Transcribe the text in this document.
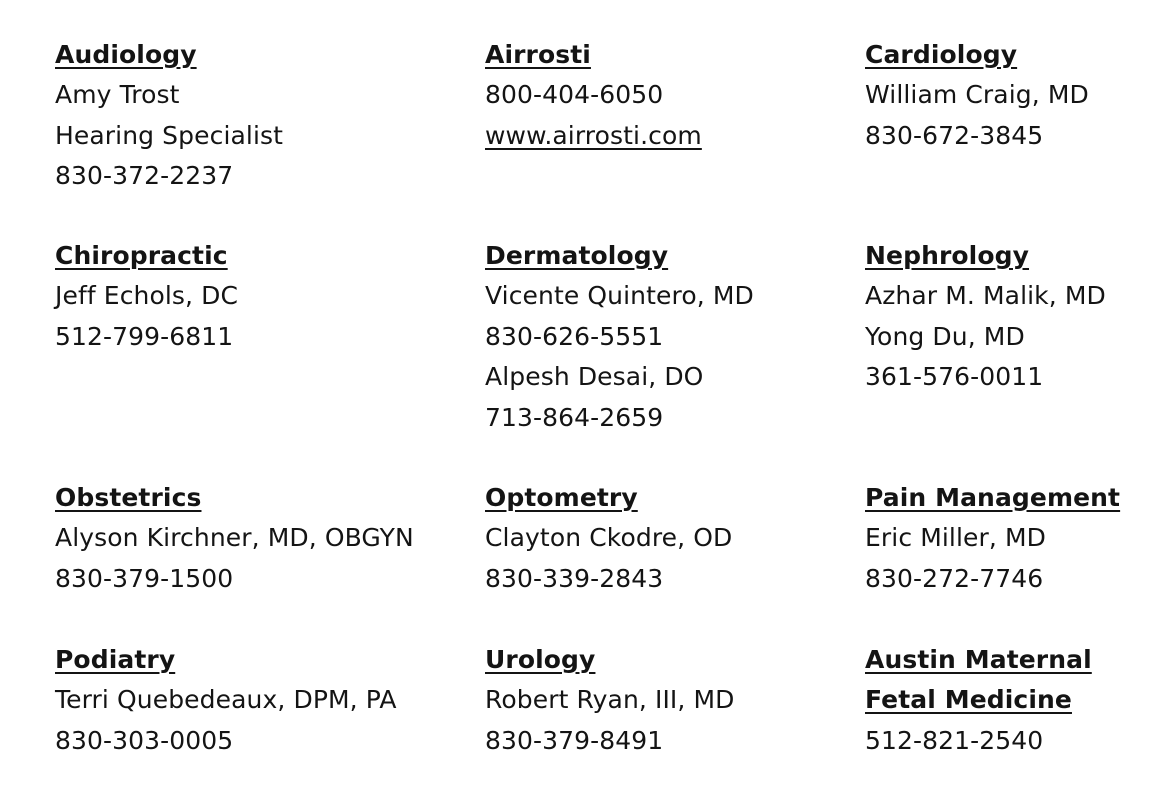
Audiology
Amy Trost
Hearing Specialist
830-372-2237
Airrosti
800-404-6050
www.airrosti.com
Cardiology
William Craig, MD
830-672-3845
Chiropractic
Jeff Echols, DC
512-799-6811
Dermatology
Vicente Quintero, MD
830-626-5551
Alpesh Desai, DO
713-864-2659
Nephrology
Azhar M. Malik, MD
Yong Du, MD
361-576-0011
Obstetrics
Alyson Kirchner, MD, OBGYN
830-379-1500
Optometry
Clayton Ckodre, OD
830-339-2843
Pain Management
Eric Miller, MD
830-272-7746
Podiatry
Terri Quebedeaux, DPM, PA
830-303-0005
Urology
Robert Ryan, III, MD
830-379-8491
Austin Maternal
Fetal Medicine
512-821-2540
